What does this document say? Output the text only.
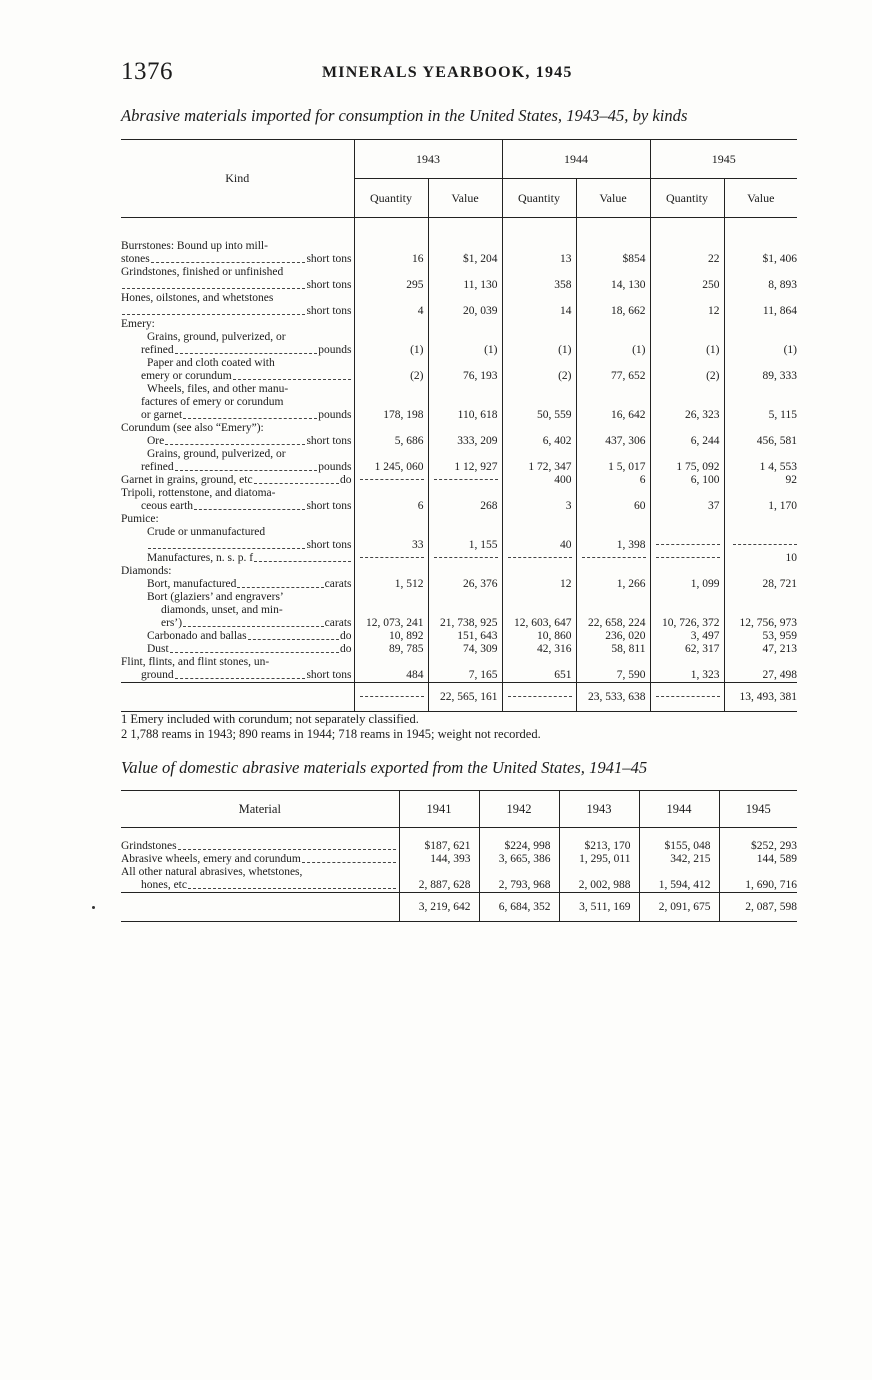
1376	MINERALS YEARBOOK, 1945
Abrasive materials imported for consumption in the United States, 1943–45, by kinds
Kind	1943		1944		1945	
	Quantity	Value	Quantity	Value	Quantity	Value

Burrstones: Bound up into mill-
stones short tons	16	$1, 204	13	$854	22	$1, 406

Grindstones, finished or unfinished
short tons	295	11, 130	358	14, 130	250	8, 893

Hones, oilstones, and whetstones
short tons	4	20, 039	14	18, 662	12	11, 864

Emery:
Grains, ground, pulverized, or
refined pounds	(1)	(1)	(1)	(1)	(1)	(1)

Paper and cloth coated with
emery or corundum	(2)	76, 193	(2)	77, 652	(2)	89, 333

Wheels, files, and other manu-
factures of emery or corundum
or garnet pounds	178, 198	110, 618	50, 559	16, 642	26, 323	5, 115

Corundum (see also “Emery”):
Ore short tons	5, 686	333, 209	6, 402	437, 306	6, 244	456, 581

Grains, ground, pulverized, or
refined pounds	1 245, 060	1 12, 927	1 72, 347	1 5, 017	1 75, 092	1 4, 553

Garnet in grains, ground, etc do			400	6	6, 100	92

Tripoli, rottenstone, and diatoma-
ceous earth short tons	6	268	3	60	37	1, 170

Pumice:
Crude or unmanufactured
short tons	33	1, 155	40	1, 398		

Manufactures, n. s. p. f						10

Diamonds:
Bort, manufactured carats	1, 512	26, 376	12	1, 266	1, 099	28, 721

Bort (glaziers’ and engravers’
diamonds, unset, and min-
ers’) carats	12, 073, 241	21, 738, 925	12, 603, 647	22, 658, 224	10, 726, 372	12, 756, 973

Carbonado and ballas do	10, 892	151, 643	10, 860	236, 020	3, 497	53, 959

Dust do	89, 785	74, 309	42, 316	58, 811	62, 317	47, 213

Flint, flints, and flint stones, un-
ground short tons	484	7, 165	651	7, 590	1, 323	27, 498
		22, 565, 161		23, 533, 638		13, 493, 381
1 Emery included with corundum; not separately classified.
2 1,788 reams in 1943; 890 reams in 1944; 718 reams in 1945; weight not recorded.
Value of domestic abrasive materials exported from the United States, 1941–45
Material	1941	1942	1943	1944	1945

Grindstones	$187, 621	$224, 998	$213, 170	$155, 048	$252, 293

Abrasive wheels, emery and corundum	144, 393	3, 665, 386	1, 295, 011	342, 215	144, 589

All other natural abrasives, whetstones,
hones, etc	2, 887, 628	2, 793, 968	2, 002, 988	1, 594, 412	1, 690, 716
	3, 219, 642	6, 684, 352	3, 511, 169	2, 091, 675	2, 087, 598
